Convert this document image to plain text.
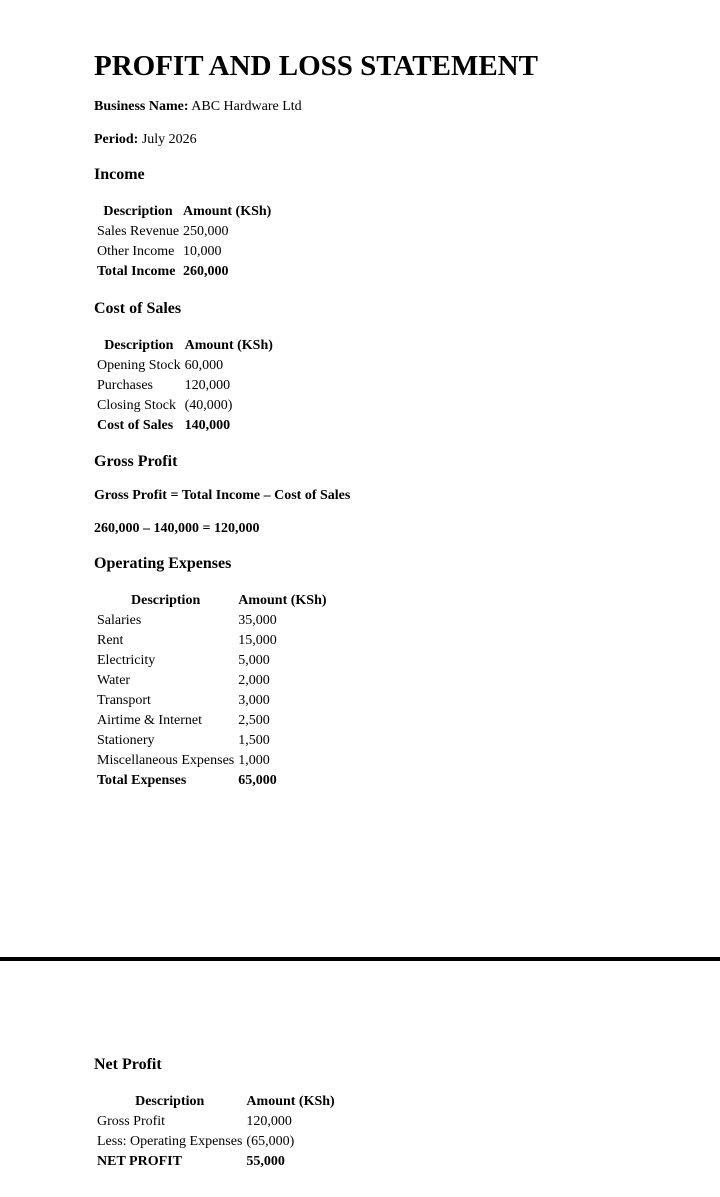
PROFIT AND LOSS STATEMENT
Business Name: ABC Hardware Ltd
Period: July 2026
Income
Description	Amount (KSh)
Sales Revenue	250,000
Other Income	10,000
Total Income	260,000
Cost of Sales
Description	Amount (KSh)
Opening Stock	60,000
Purchases	120,000
Closing Stock	(40,000)
Cost of Sales	140,000
Gross Profit
Gross Profit = Total Income – Cost of Sales
260,000 – 140,000 = 120,000
Operating Expenses
Description	Amount (KSh)
Salaries	35,000
Rent	15,000
Electricity	5,000
Water	2,000
Transport	3,000
Airtime & Internet	2,500
Stationery	1,500
Miscellaneous Expenses	1,000
Total Expenses	65,000
Net Profit
Description	Amount (KSh)
Gross Profit	120,000
Less: Operating Expenses	(65,000)
NET PROFIT	55,000
